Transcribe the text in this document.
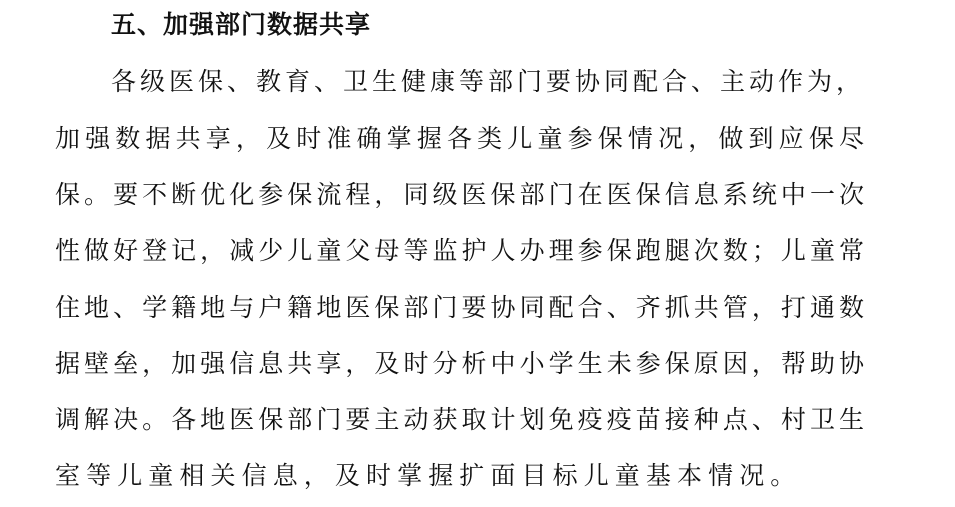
五、加强部门数据共享
各级医保、教育、卫生健康等部门要协同配合、主动作为，
加强数据共享，及时准确掌握各类儿童参保情况，做到应保尽
保。要不断优化参保流程，同级医保部门在医保信息系统中一次
性做好登记，减少儿童父母等监护人办理参保跑腿次数；儿童常
住地、学籍地与户籍地医保部门要协同配合、齐抓共管，打通数
据壁垒，加强信息共享，及时分析中小学生未参保原因，帮助协
调解决。各地医保部门要主动获取计划免疫疫苗接种点、村卫生
室等儿童相关信息，及时掌握扩面目标儿童基本情况。
